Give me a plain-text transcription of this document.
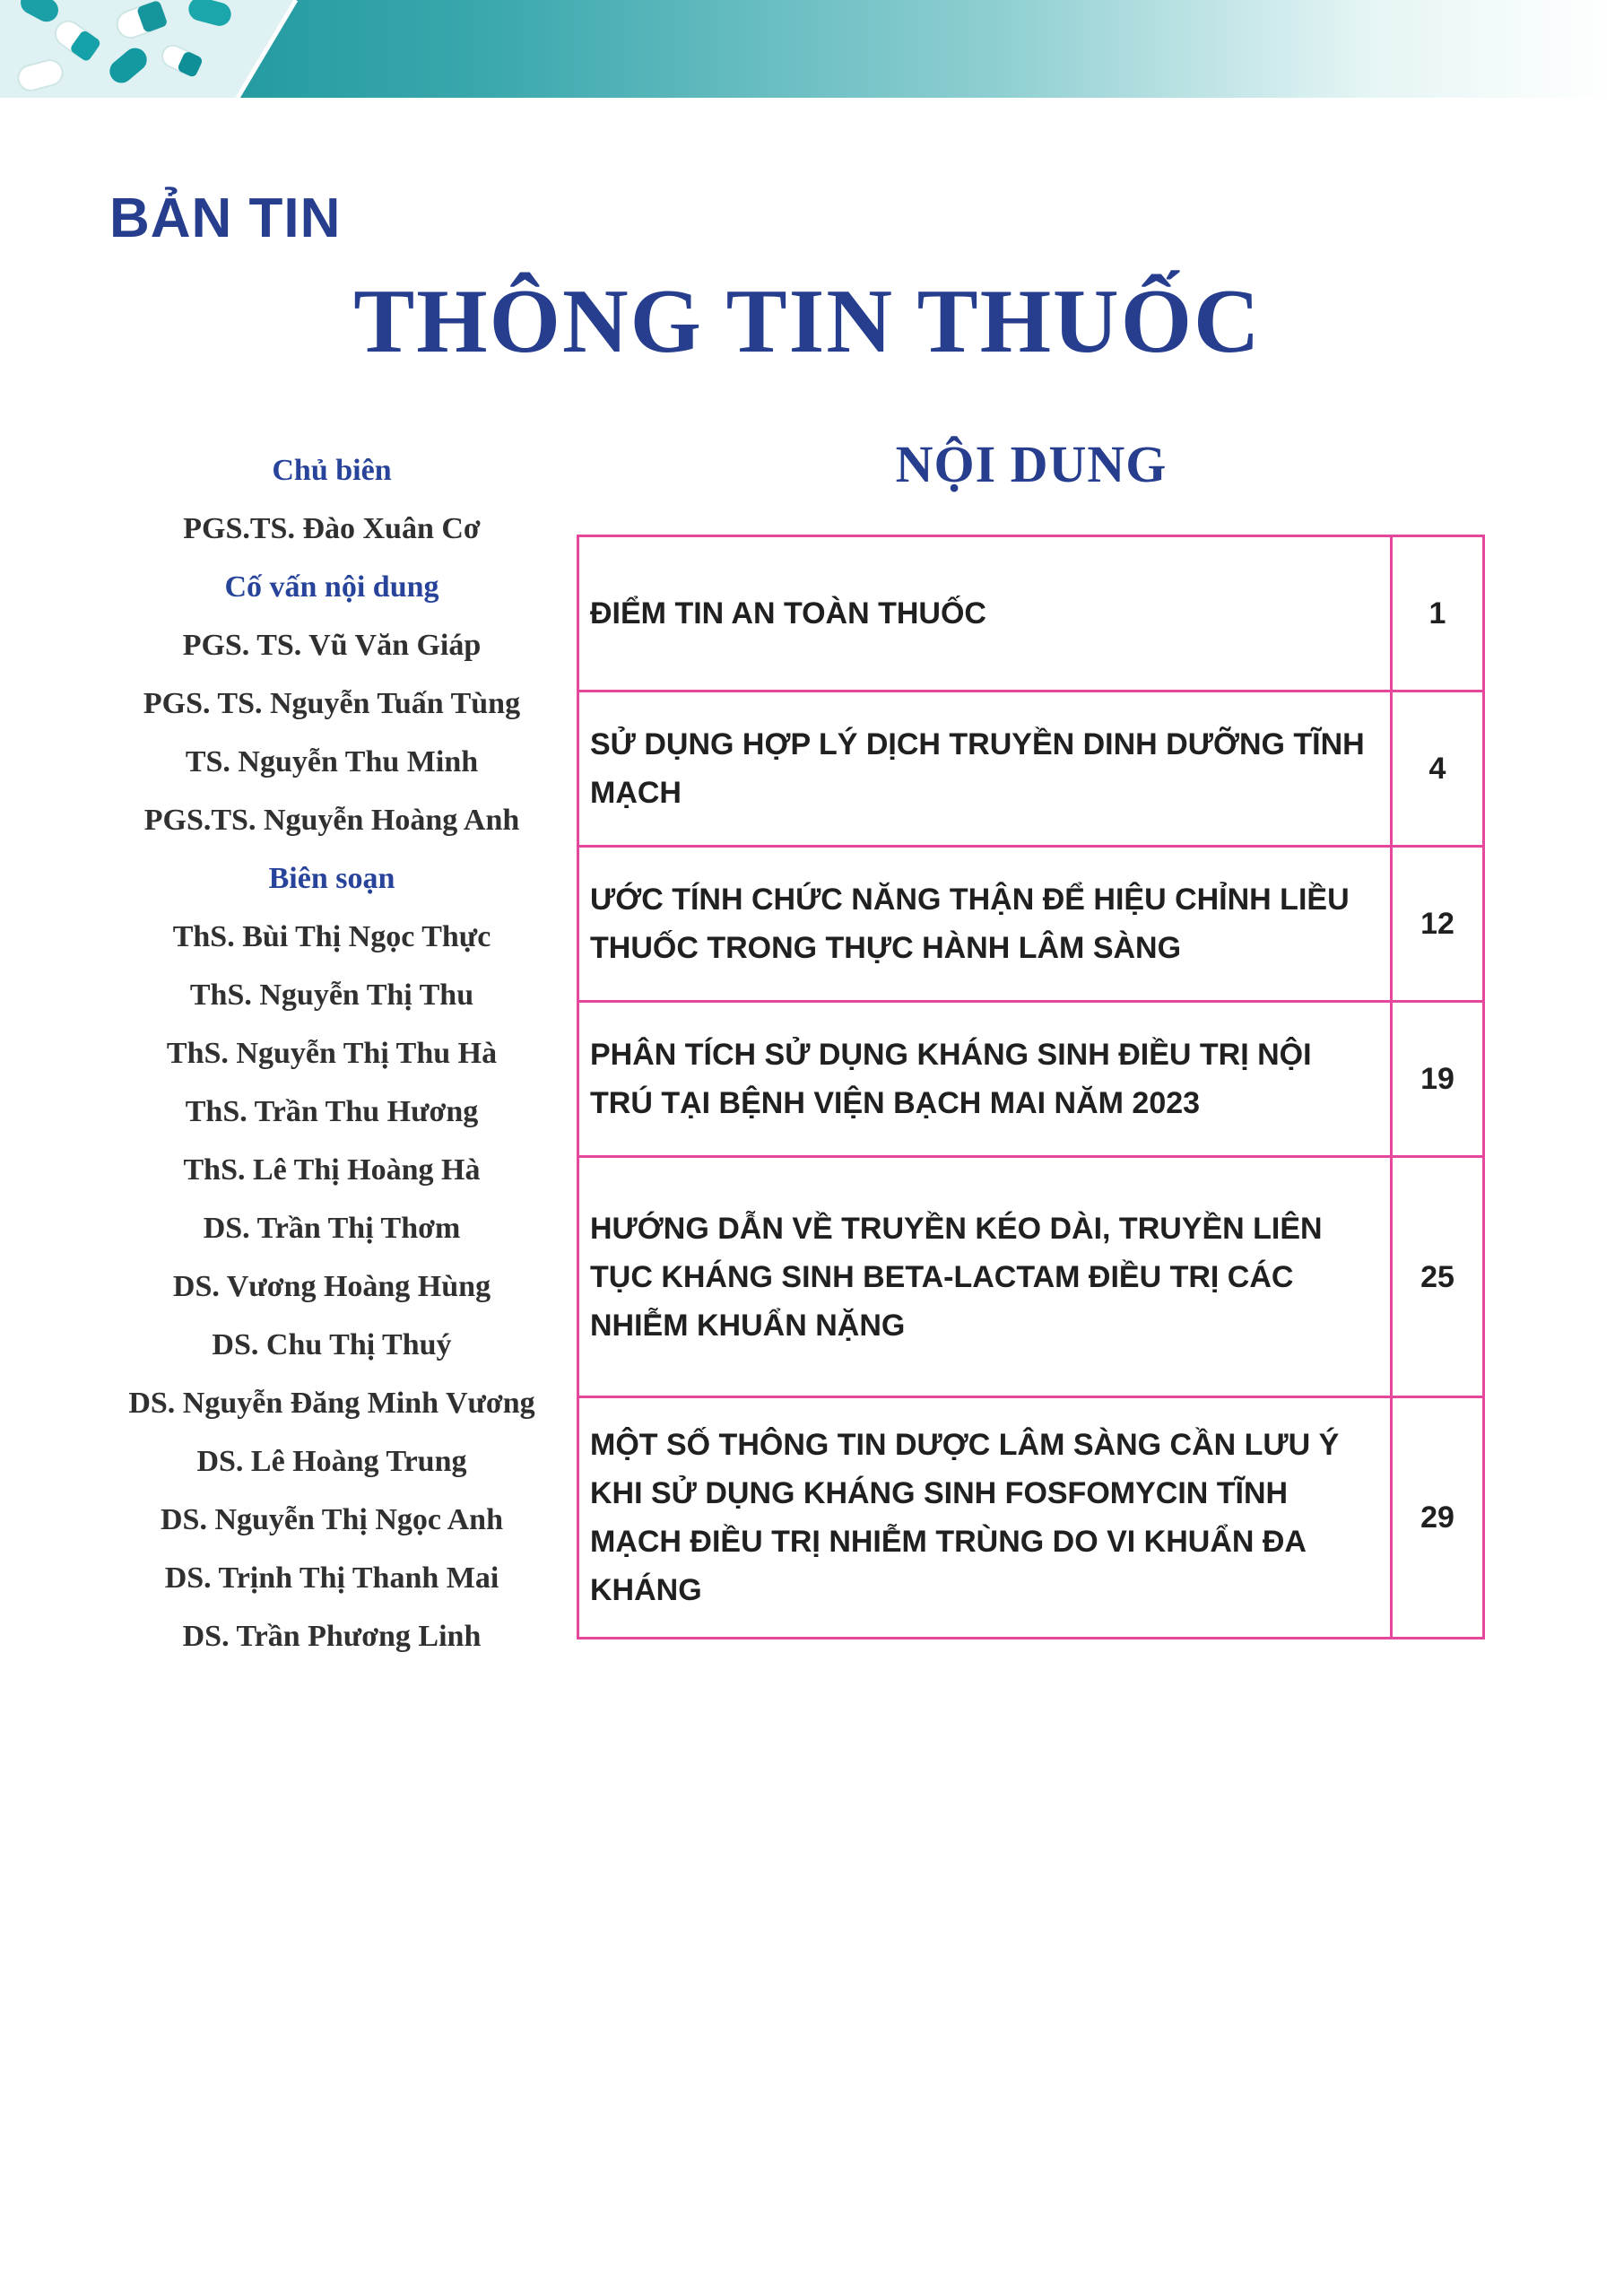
BẢN TIN
THÔNG TIN THUỐC
Chủ biên
PGS.TS. Đào Xuân Cơ
Cố vấn nội dung
PGS. TS. Vũ Văn Giáp
PGS. TS. Nguyễn Tuấn Tùng
TS. Nguyễn Thu Minh
PGS.TS. Nguyễn Hoàng Anh
Biên soạn
ThS. Bùi Thị Ngọc Thực
ThS. Nguyễn Thị Thu
ThS. Nguyễn Thị Thu Hà
ThS. Trần Thu Hương
ThS. Lê Thị Hoàng Hà
DS. Trần Thị Thơm
DS. Vương Hoàng Hùng
DS. Chu Thị Thuý
DS. Nguyễn Đăng Minh Vương
DS. Lê Hoàng Trung
DS. Nguyễn Thị Ngọc Anh
DS. Trịnh Thị Thanh Mai
DS. Trần Phương Linh
NỘI DUNG
ĐIỂM TIN AN TOÀN THUỐC	1
SỬ DỤNG HỢP LÝ DỊCH TRUYỀN DINH DƯỠNG TĨNH MẠCH	4
ƯỚC TÍNH CHỨC NĂNG THẬN ĐỂ HIỆU CHỈNH LIỀU THUỐC TRONG THỰC HÀNH LÂM SÀNG	12
PHÂN TÍCH SỬ DỤNG KHÁNG SINH ĐIỀU TRỊ NỘI TRÚ TẠI BỆNH VIỆN BẠCH MAI NĂM 2023	19
HƯỚNG DẪN VỀ TRUYỀN KÉO DÀI, TRUYỀN LIÊN TỤC KHÁNG SINH BETA-LACTAM ĐIỀU TRỊ CÁC NHIỄM KHUẨN NẶNG	25
MỘT SỐ THÔNG TIN DƯỢC LÂM SÀNG CẦN LƯU Ý KHI SỬ DỤNG KHÁNG SINH FOSFOMYCIN TĨNH MẠCH ĐIỀU TRỊ NHIỄM TRÙNG DO VI KHUẨN ĐA KHÁNG	29
